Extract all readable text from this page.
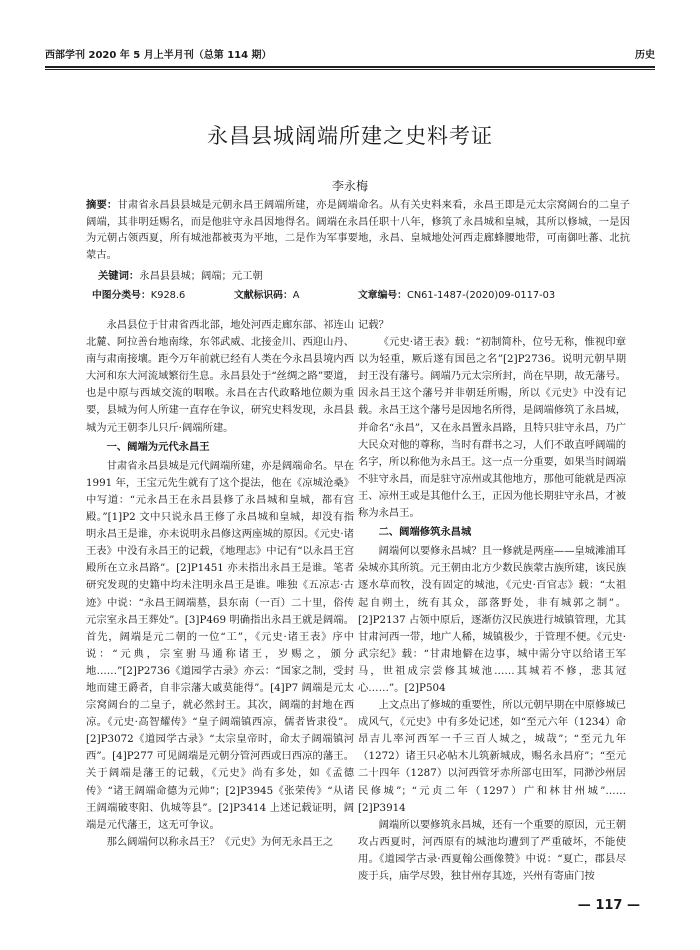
西部学刊 2020 年 5 月上半月刊（总第 114 期）	历史
永昌县城阔端所建之史料考证
李永梅
摘要：甘肃省永昌县县城是元朝永昌王阔端所建，亦是阔端命名。从有关史料来看，永昌王即是元太宗窝阔台的二皇子阔端，其非明廷赐名，而是他驻守永昌因地得名。阔端在永昌任职十八年，修筑了永昌城和皇城，其所以修城，一是因为元朝占领西夏，所有城池都被夷为平地，二是作为军事要地，永昌、皇城地处河西走廊蜂腰地带，可南御吐蕃、北抗蒙古。
关键词：永昌县县城；阔端；元工朝
中图分类号：K928.6	文献标识码：A	文章编号：CN61-1487-(2020)09-0117-03

永昌县位于甘肃省西北部，地处河西走廊东部、祁连山北麓、阿拉善台地南缘，东邻武威、北接金川、西迎山丹、南与肃南接壤。距今万年前就已经有人类在今永昌县境内西大河和东大河流域繁衍生息。永昌县处于“丝绸之路”要道，也是中原与西域交流的咽喉。永昌在古代政略地位颇为重要，县城为何人所建一直存在争议，研究史料发现，永昌县城为元王朝李儿只斤·阔端所建。

一、阔端为元代永昌王

甘肃省永昌县城是元代阔端所建，亦是阔端命名。早在 1991 年，王宝元先生就有了这个提法，他在《凉城沧桑》中写道：“元永昌王在永昌县修了永昌城和皇城，都有宫殿。”[1]P2 文中只说永昌王修了永昌城和皇城，却没有指明永昌王是谁，亦未说明永昌修这两座城的原因。《元史·诸王表》中没有永昌王的记载，《地理志》中记有“以永昌王宫殿所在立永昌路”。[2]P1451 亦未指出永昌王是谁。笔者研究发现的史籍中均未注明永昌王是谁。唯独《五凉志·古迹》中说：“永昌王阔端墓，县东南（一百）二十里，俗传元宗室永昌王葬处”。[3]P469 明确指出永昌王就是阔端。首先，阔端是元二朝的一位“工”，《元史·诸王表》序中说：“元典，宗室驸马通称诸王，岁赐之，颁分地……”[2]P2736《道园学古录》亦云：“国家之制，受封地而建王爵者，自非宗藩大戚莫能得”。[4]P7 阔端是元太宗窝阔台的二皇子，就必然封王。其次，阔端的封地在西凉。《元史·高智耀传》“皇子阔端镇西凉，儒者皆隶役”。[2]P3072《道园学古录》“太宗皇帝时，命太子阔端镇河西”。[4]P277 可见阔端是元朝分管河西或曰西凉的藩王。关于阔端是藩王的记载，《元史》尚有多处，如《孟德传》“诸王阔端命德为元帅”；[2]P3945《张荣传》“从诸王阔端破枣阳、仇城等县”。[2]P3414 上述记载证明，阔端是元代藩王，这无可争议。

那么阔端何以称永昌王？《元史》为何无永昌王之

记载？

《元史·诸王表》载：“初制简朴，位号无称，惟视印章以为轻重，厥后遂有国邑之名”[2]P2736。说明元朝早期封王没有藩号。阔端乃元太宗所封，尚在早期，故无藩号。因永昌王这个藩号并非朝廷所赐，所以《元史》中没有记载。永昌王这个藩号是因地名所得，是阔端修筑了永昌城，并命名“永昌”，又在永昌置永昌路，且特只驻守永昌，乃广大民众对他的尊称，当时有群书之习，人们不敢直呼阔端的名字，所以称他为永昌王。这一点一分重要，如果当时阔端不驻守永昌，而是驻守凉州或其他地方，那他可能就是西凉王、凉州王或是其他什么王，正因为他长期驻守永昌，才被称为永昌王。

二、阔端修筑永昌城

阔端何以要修永昌城？且一修就是两座——皇城滩浦耳朵城亦其所筑。元王朝由北方少数民族蒙古族所建，该民族逐水草而牧，没有固定的城池，《元史·百官志》载：“太祖起自朔土，统有其众，部落野处，非有城郭之制”。[2]P2137 占领中原后，逐渐仿汉民族进行城镇管理，尤其甘肃河西一带，地广人稀，城镇极少，于管理不便。《元史·武宗纪》载：“甘肃地僻在边事，城中需分守以给诸王军马，世祖成宗尝修其城池……其城若不修，悲其冠心……”。[2]P504

上文点出了修城的重要性，所以元朝早期在中原修城已成风气，《元史》中有多处记述，如“至元六年（1234）命昂吉儿率河西军一千三百人城之，城哉”；“至元九年（1272）诸王只必帖木儿筑新城成，赐名永昌府”；“至元二十四年（1287）以河西管牙赤所部屯田军，同渺沙州居民修城”；“元贞二年（1297）广和林甘州城”……[2]P3914

阔端所以要修筑永昌城，还有一个重要的原因，元王朝攻占西夏时，河西原有的城池均遭到了严重破坏，不能使用。《道园学古录·西夏翰公画像赞》中说：“夏亡，郡县尽废于兵，庙学尽毁，独甘州存其迹，兴州有寄庙门按

— 117 —
